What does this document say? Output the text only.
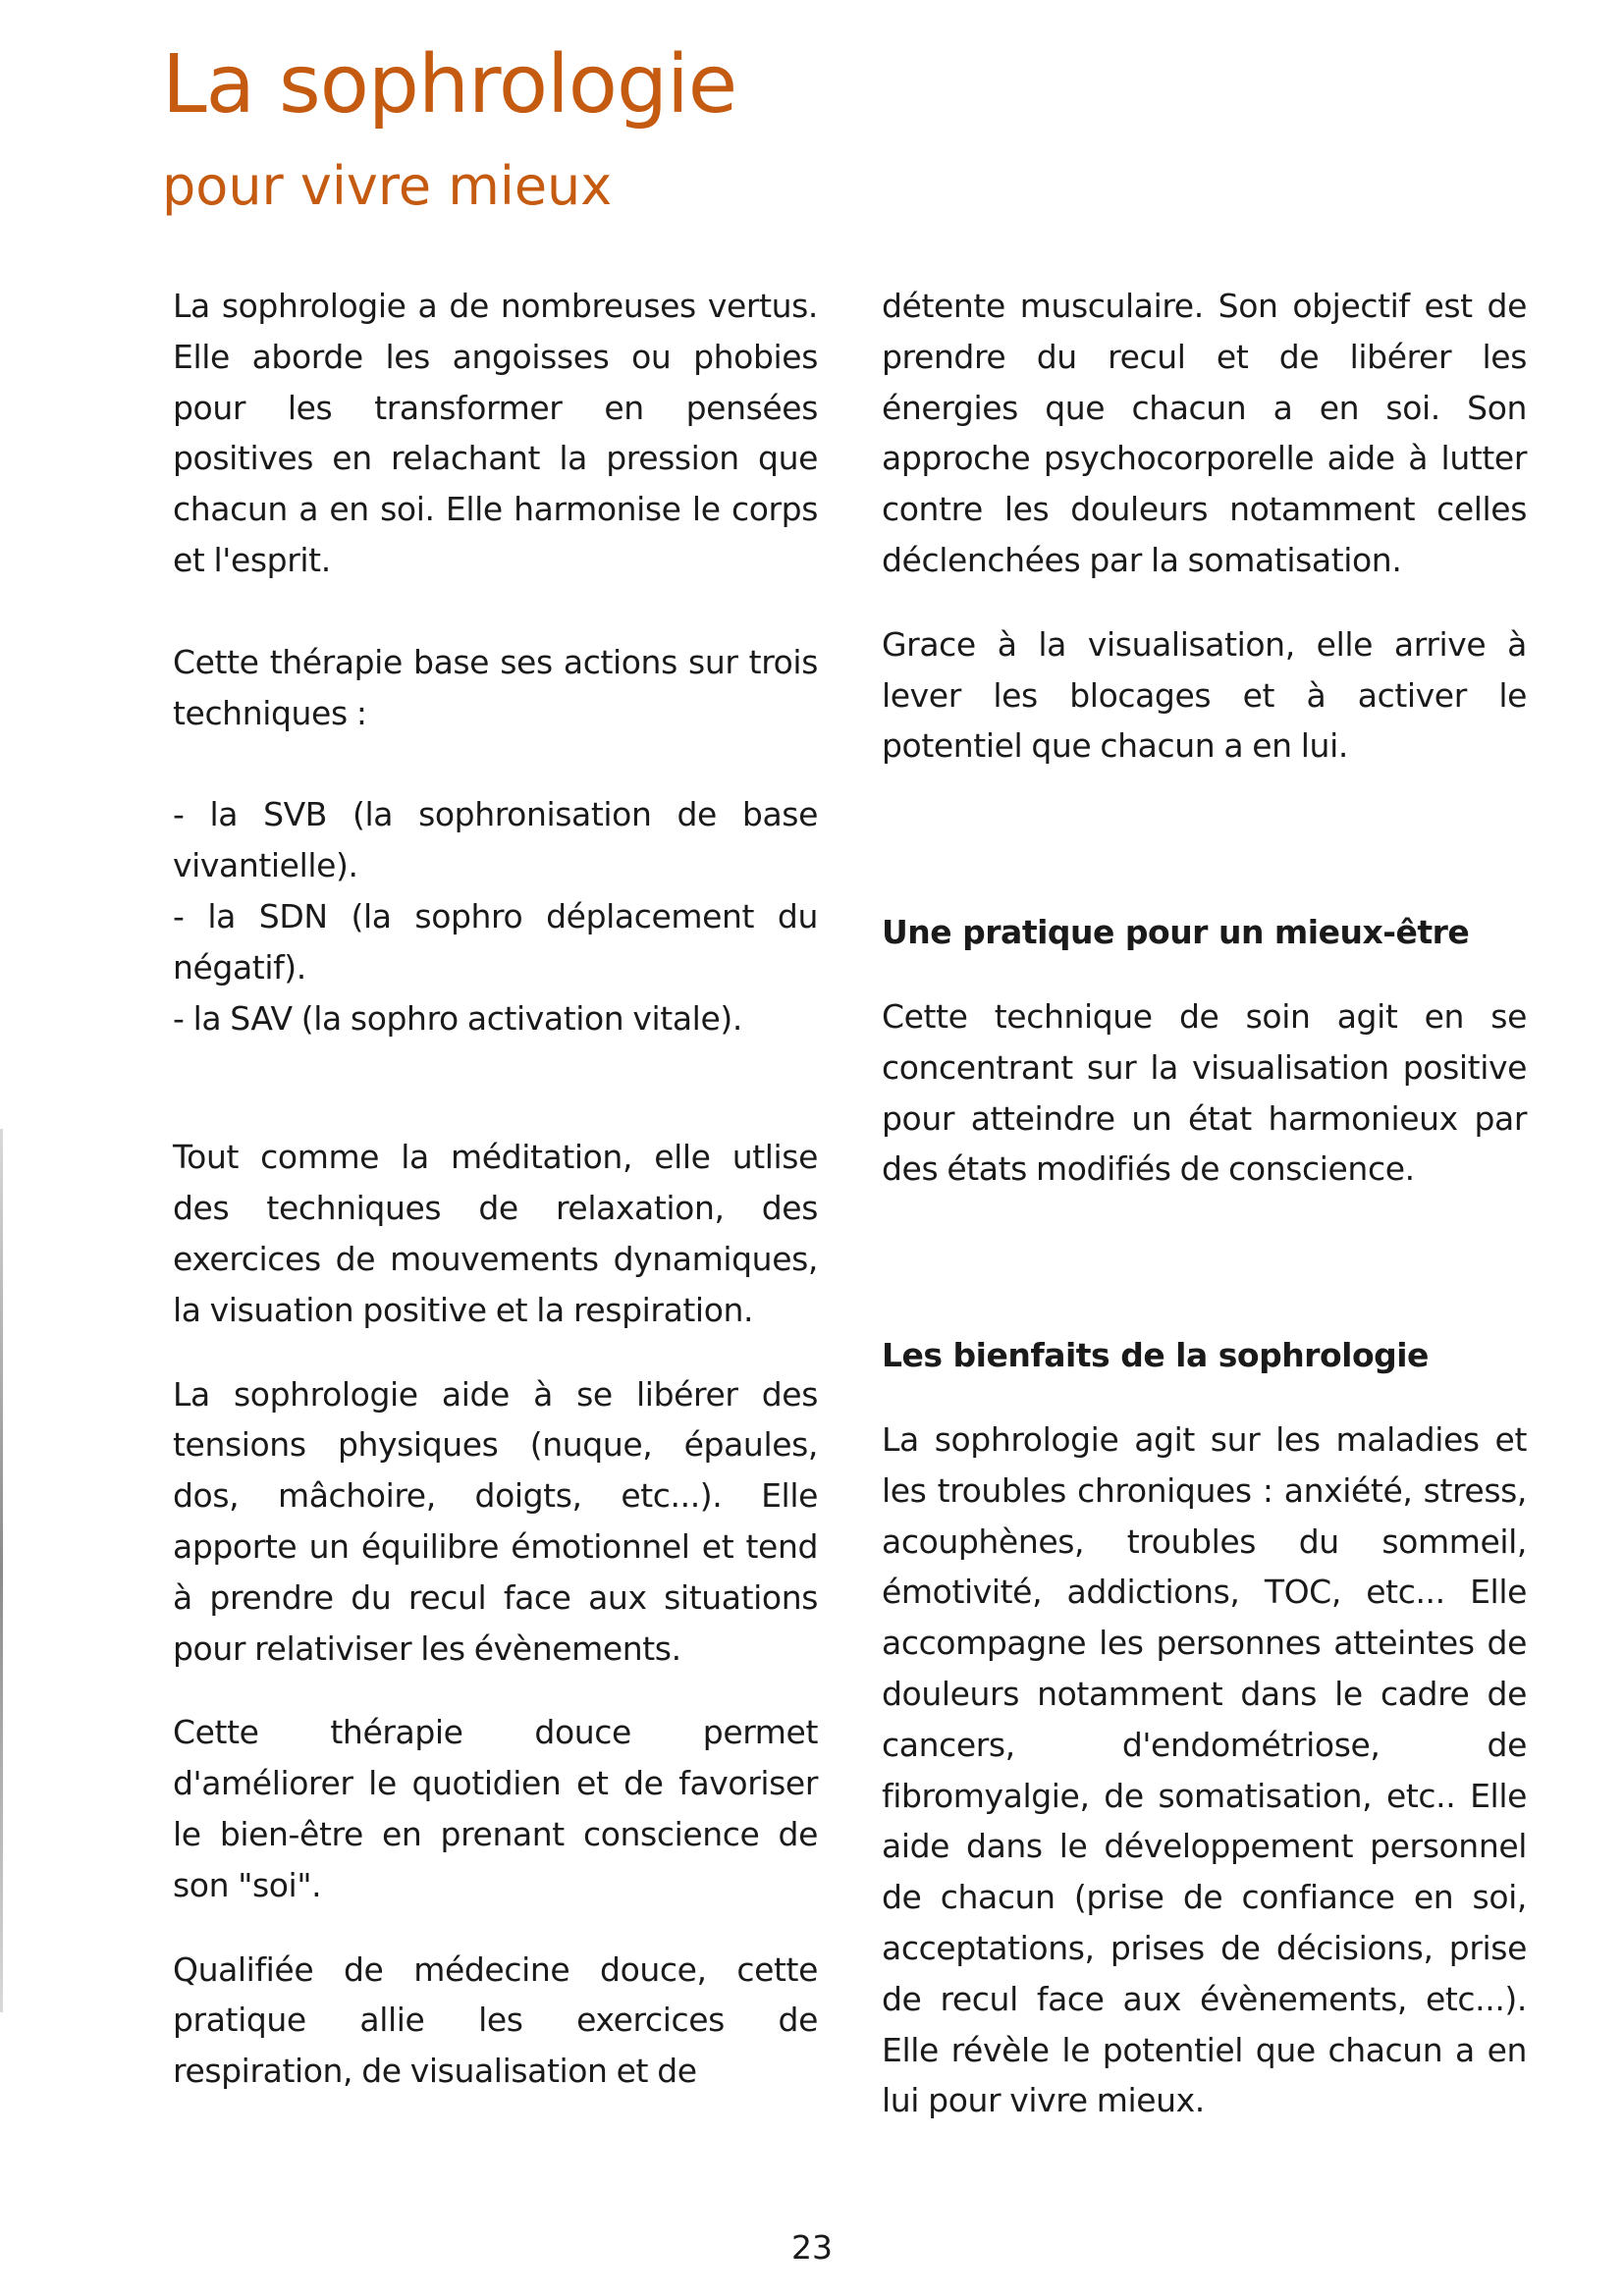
La sophrologie
pour vivre mieux

La sophrologie a de nombreuses vertus. Elle aborde les angoisses ou phobies pour les transformer en pensées positives en relachant la pression que chacun a en soi. Elle harmonise le corps et l'esprit.

Cette thérapie base ses actions sur trois techniques :

- la SVB (la sophronisation de base vivantielle).
- la SDN (la sophro déplacement du négatif).
- la SAV (la sophro activation vitale).

Tout comme la méditation, elle utlise des techniques de relaxation, des exercices de mouvements dynamiques, la visuation positive et la respiration.

La sophrologie aide à se libérer des tensions physiques (nuque, épaules, dos, mâchoire, doigts, etc...). Elle apporte un équilibre émotionnel et tend à prendre du recul face aux situations pour relativiser les évènements.

Cette thérapie douce permet d'améliorer le quotidien et de favoriser le bien-être en prenant conscience de son "soi".

Qualifiée de médecine douce, cette pratique allie les exercices de respiration, de visualisation et de

détente musculaire. Son objectif est de prendre du recul et de libérer les énergies que chacun a en soi. Son approche psychocorporelle aide à lutter contre les douleurs notamment celles déclenchées par la somatisation.

Grace à la visualisation, elle arrive à lever les blocages et à activer le potentiel que chacun a en lui.

Une pratique pour un mieux-être

Cette technique de soin agit en se concentrant sur la visualisation positive pour atteindre un état harmonieux par des états modifiés de conscience.

Les bienfaits de la sophrologie

La sophrologie agit sur les maladies et les troubles chroniques : anxiété, stress, acouphènes, troubles du sommeil, émotivité, addictions, TOC, etc... Elle accompagne les personnes atteintes de douleurs notamment dans le cadre de cancers, d'endométriose, de fibromyalgie, de somatisation, etc.. Elle aide dans le développement personnel de chacun (prise de confiance en soi, acceptations, prises de décisions, prise de recul face aux évènements, etc...). Elle révèle le potentiel que chacun a en lui pour vivre mieux.

23
